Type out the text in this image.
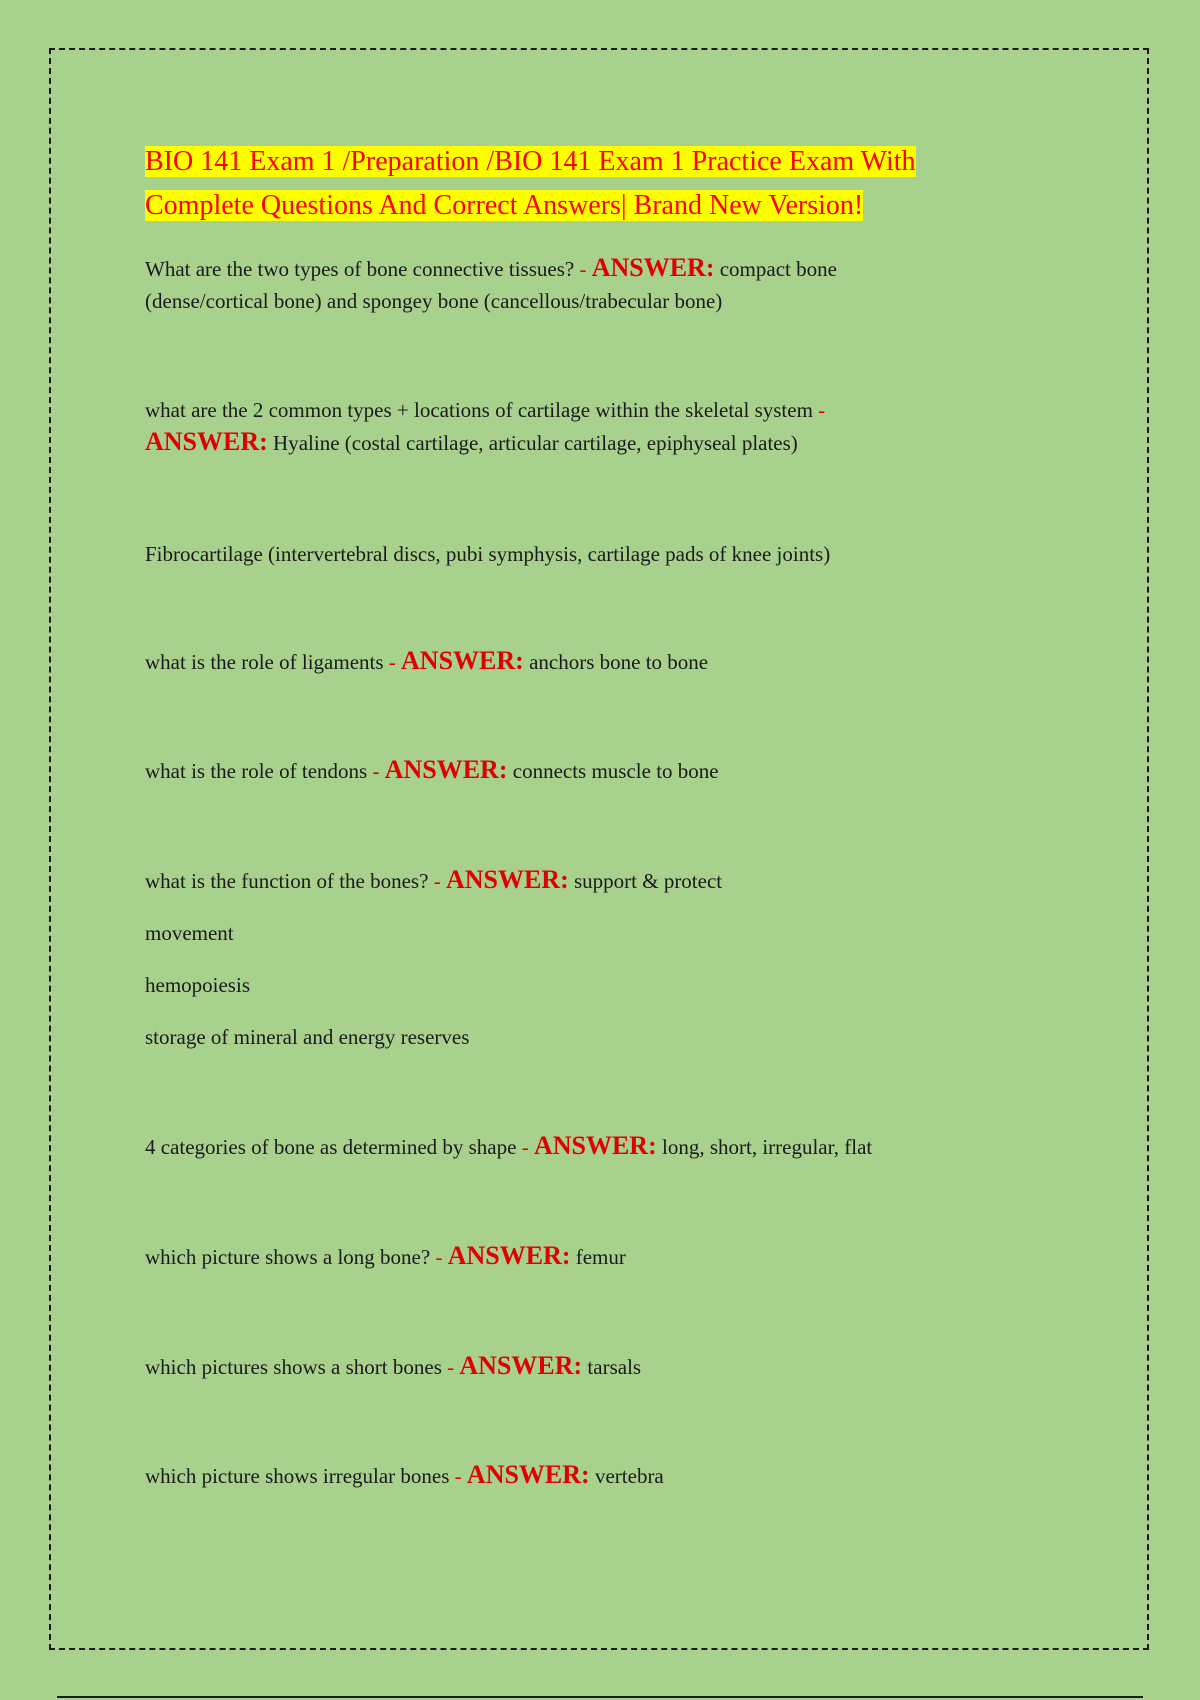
BIO 141 Exam 1 /Preparation /BIO 141 Exam 1 Practice Exam With
Complete Questions And Correct Answers| Brand New Version!

What are the two types of bone connective tissues? - ANSWER: compact bone
(dense/cortical bone) and spongey bone (cancellous/trabecular bone)

what are the 2 common types + locations of cartilage within the skeletal system -
ANSWER: Hyaline (costal cartilage, articular cartilage, epiphyseal plates)

Fibrocartilage (intervertebral discs, pubi symphysis, cartilage pads of knee joints)

what is the role of ligaments - ANSWER: anchors bone to bone

what is the role of tendons - ANSWER: connects muscle to bone

what is the function of the bones? - ANSWER: support & protect

movement

hemopoiesis

storage of mineral and energy reserves

4 categories of bone as determined by shape - ANSWER: long, short, irregular, flat

which picture shows a long bone? - ANSWER: femur

which pictures shows a short bones - ANSWER: tarsals

which picture shows irregular bones - ANSWER: vertebra
